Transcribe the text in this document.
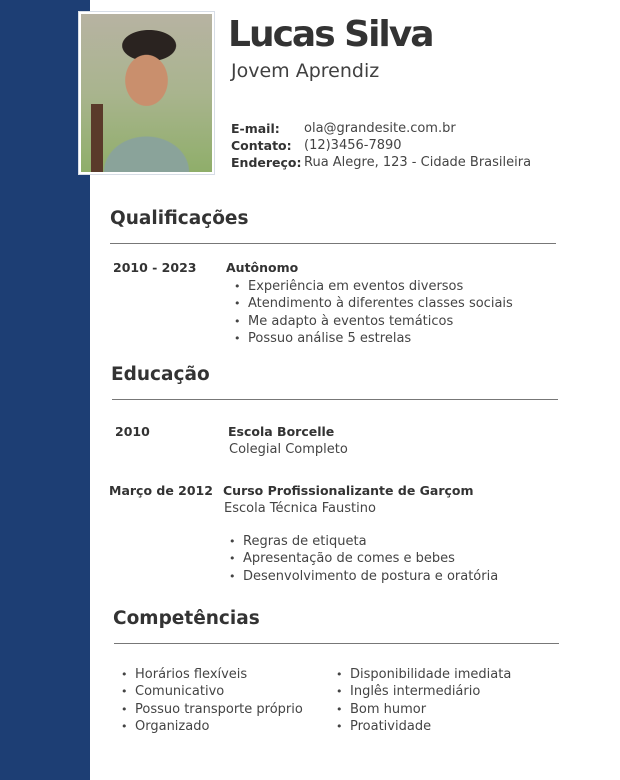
Lucas Silva
Jovem Aprendiz
E-mail:	ola@grandesite.com.br
Contato: (12)3456-7890
Endereço: Rua Alegre, 123 - Cidade Brasileira
Qualificações
2010 - 2023 Autônomo
• Experiência em eventos diversos
• Atendimento à diferentes classes sociais
• Me adapto à eventos temáticos
• Possuo análise 5 estrelas
Educação
2010	Escola Borcelle
Colegial Completo
Março de 2012 Curso Profissionalizante de Garçom
Escola Técnica Faustino
• Regras de etiqueta
• Apresentação de comes e bebes
• Desenvolvimento de postura e oratória
Competências
• Horários flexíveis
• Comunicativo
• Possuo transporte próprio
• Organizado
• Disponibilidade imediata
• Inglês intermediário
• Bom humor
• Proatividade
